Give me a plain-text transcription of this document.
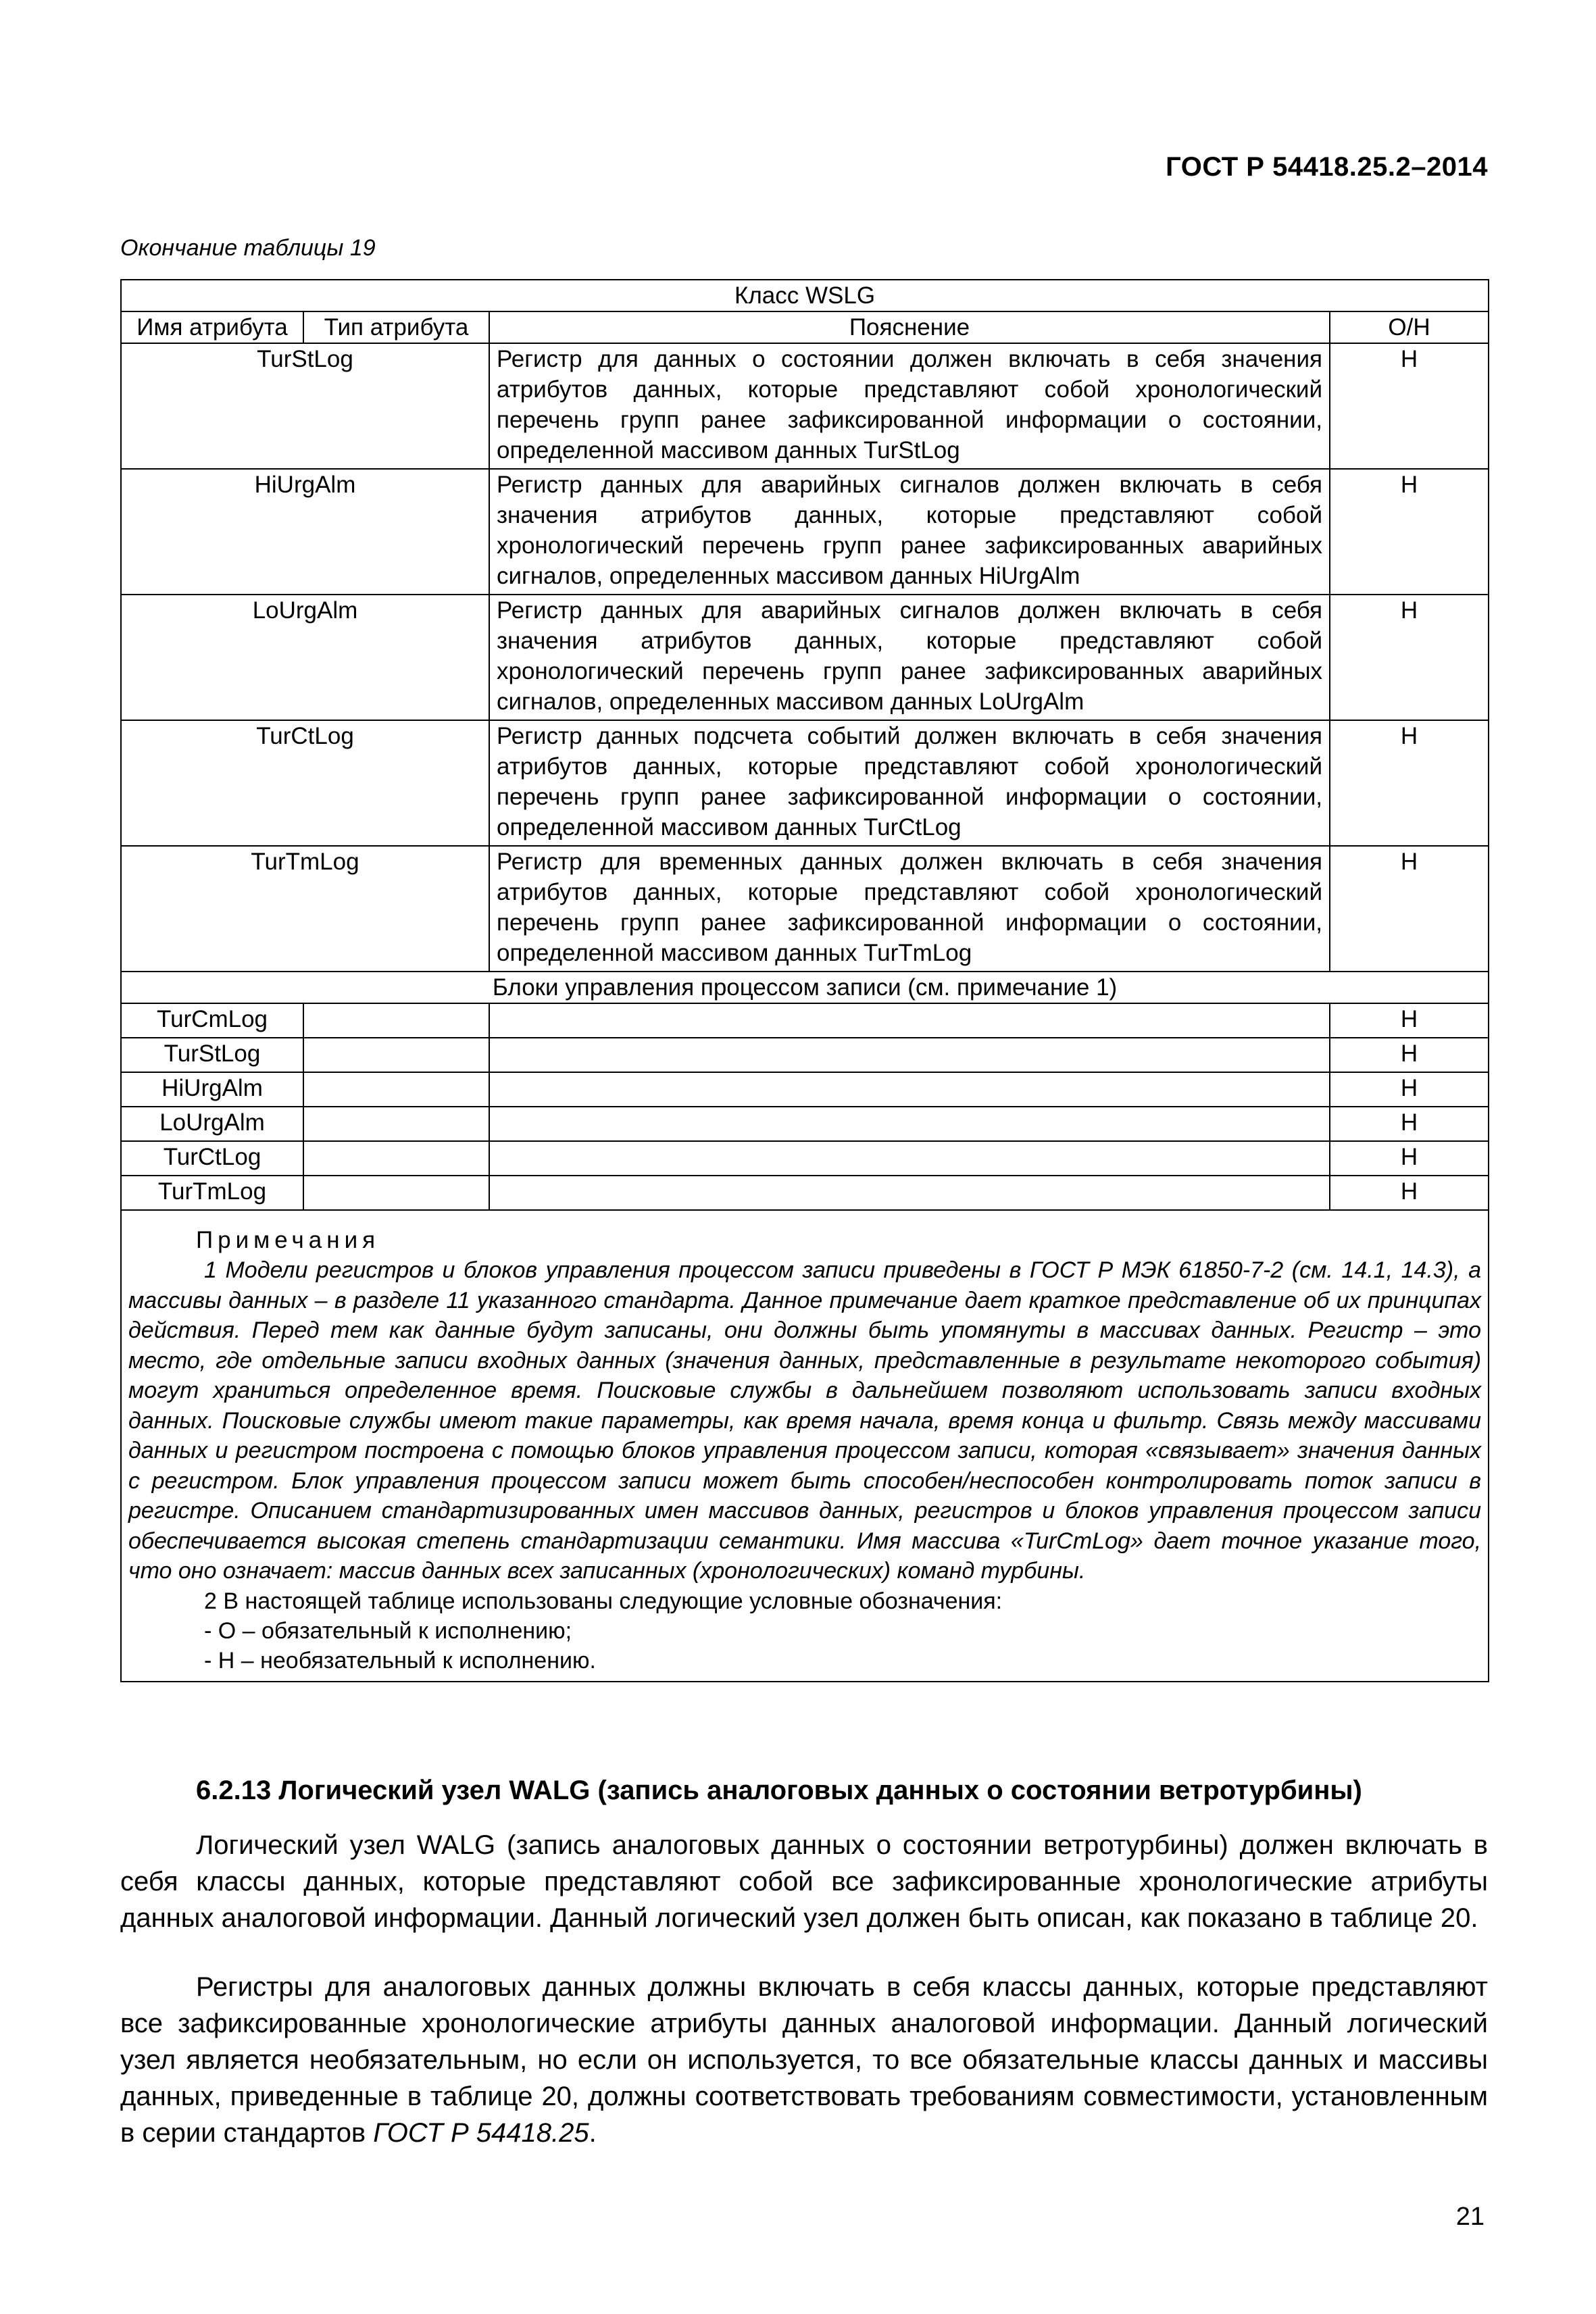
ГОСТ Р 54418.25.2–2014
Окончание таблицы 19
Класс WSLG			
Имя атрибута	Тип атрибута	Пояснение	О/Н
TurStLog		Регистр для данных о состоянии должен включать в себя значения атрибутов данных, которые представляют собой хронологический перечень групп ранее зафиксированной информации о состоянии, определенной массивом данных TurStLog	Н
HiUrgAlm		Регистр данных для аварийных сигналов должен включать в себя значения атрибутов данных, которые представляют собой хронологический перечень групп ранее зафиксированных аварийных сигналов, определенных массивом данных HiUrgAlm	Н
LoUrgAlm		Регистр данных для аварийных сигналов должен включать в себя значения атрибутов данных, которые представляют собой хронологический перечень групп ранее зафиксированных аварийных сигналов, определенных массивом данных LoUrgAlm	Н
TurCtLog		Регистр данных подсчета событий должен включать в себя значения атрибутов данных, которые представляют собой хронологический перечень групп ранее зафиксированной информации о состоянии, определенной массивом данных TurCtLog	Н
TurTmLog		Регистр для временных данных должен включать в себя значения атрибутов данных, которые представляют собой хронологический перечень групп ранее зафиксированной информации о состоянии, определенной массивом данных TurTmLog	Н
Блоки управления процессом записи (см. примечание 1)			
TurCmLog			Н
TurStLog			Н
HiUrgAlm			Н
LoUrgAlm			Н
TurCtLog			Н
TurTmLog			Н

Примечания
1 Модели регистров и блоков управления процессом записи приведены в ГОСТ Р МЭК 61850-7-2 (см. 14.1, 14.3), а массивы данных – в разделе 11 указанного стандарта. Данное примечание дает краткое представление об их принципах действия. Перед тем как данные будут записаны, они должны быть упомянуты в массивах данных. Регистр – это место, где отдельные записи входных данных (значения данных, представленные в результате некоторого события) могут храниться определенное время. Поисковые службы в дальнейшем позволяют использовать записи входных данных. Поисковые службы имеют такие параметры, как время начала, время конца и фильтр. Связь между массивами данных и регистром построена с помощью блоков управления процессом записи, которая «связывает» значения данных с регистром. Блок управления процессом записи может быть способен/неспособен контролировать поток записи в регистре. Описанием стандартизированных имен массивов данных, регистров и блоков управления процессом записи обеспечивается высокая степень стандартизации семантики. Имя массива «TurCmLog» дает точное указание того, что оно означает: массив данных всех записанных (хронологических) команд турбины.
2 В настоящей таблице использованы следующие условные обозначения:
- О – обязательный к исполнению;
- Н – необязательный к исполнению.			
6.2.13 Логический узел WALG (запись аналоговых данных о состоянии ветротурбины)

Логический узел WALG (запись аналоговых данных о состоянии ветротурбины) должен включать в себя классы данных, которые представляют собой все зафиксированные хронологические атрибуты данных аналоговой информации. Данный логический узел должен быть описан, как показано в таблице 20.

Регистры для аналоговых данных должны включать в себя классы данных, которые представляют все зафиксированные хронологические атрибуты данных аналоговой информации. Данный логический узел является необязательным, но если он используется, то все обязательные классы данных и массивы данных, приведенные в таблице 20, должны соответствовать требованиям совместимости, установленным в серии стандартов ГОСТ Р 54418.25.

21
